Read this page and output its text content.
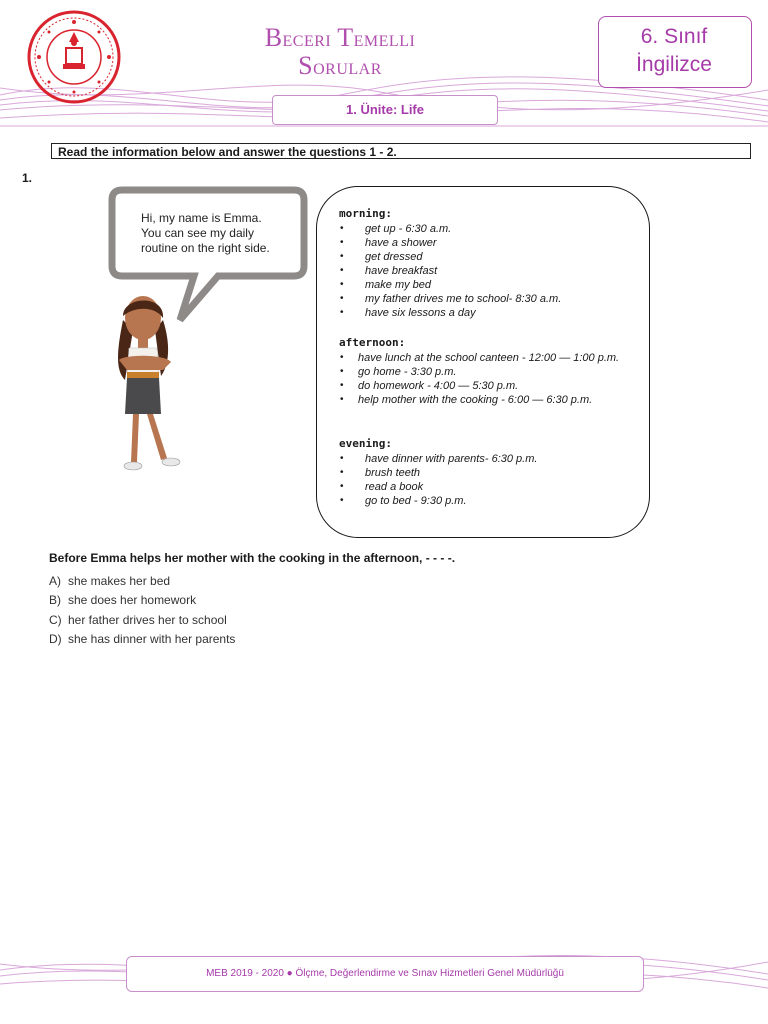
BECERI TEMELLI
SORULAR
6. Sınıf
İngilizce
1. Ünite: Life
Read the information below and answer the questions 1 - 2.
1.
Hi, my name is Emma.
You can see my daily
routine on the right side.
morning:
• get up - 6:30 a.m.
• have a shower
• get dressed
• have breakfast
• make my bed
• my father drives me to school- 8:30 a.m.
• have six lessons a day
afternoon:
• have lunch at the school canteen - 12:00 — 1:00 p.m.
• go home - 3:30 p.m.
• do homework - 4:00 — 5:30 p.m.
• help mother with the cooking - 6:00 — 6:30 p.m.
evening:
• have dinner with parents- 6:30 p.m.
• brush teeth
• read a book
• go to bed - 9:30 p.m.
Before Emma helps her mother with the cooking in the afternoon, - - - -.
A) she makes her bed
B) she does her homework
C) her father drives her to school
D) she has dinner with her parents
MEB 2019 - 2020 ● Ölçme, Değerlendirme ve Sınav Hizmetleri Genel Müdürlüğü
